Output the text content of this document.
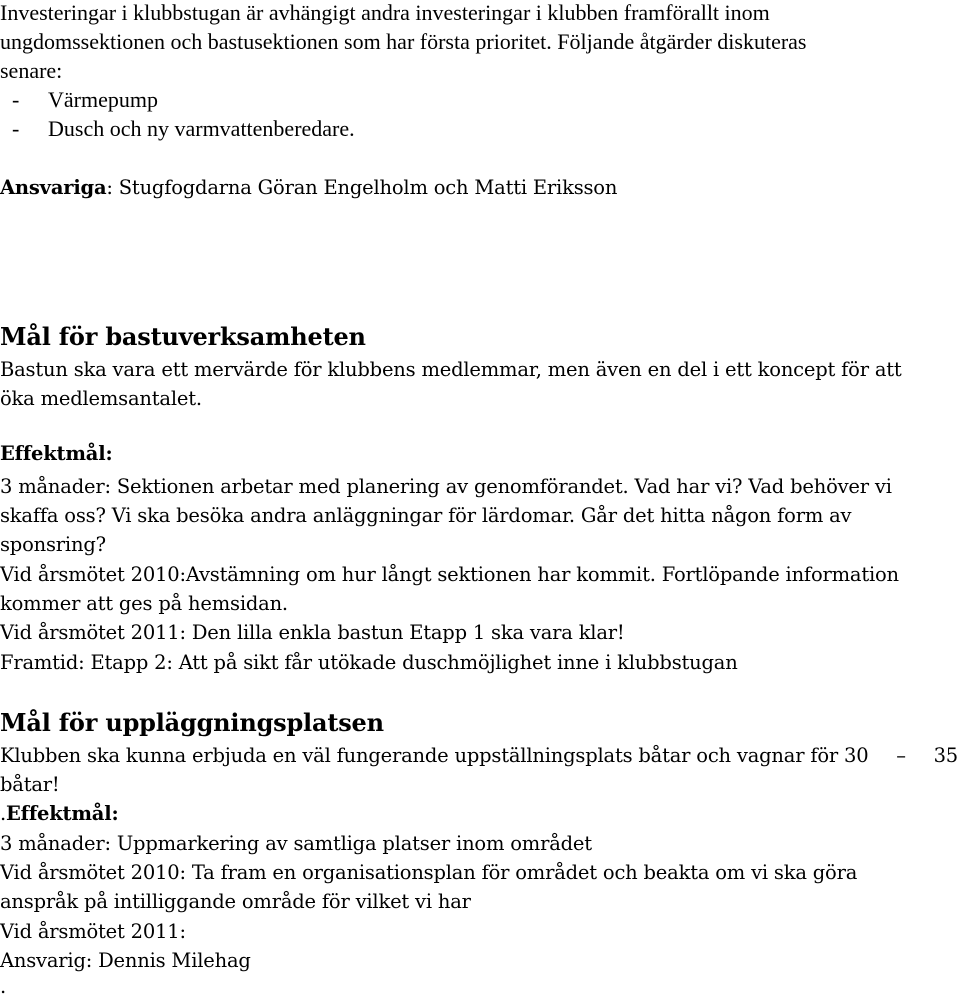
Investeringar i klubbstugan är avhängigt andra investeringar i klubben framförallt inom
ungdomssektionen och bastusektionen som har första prioritet. Följande åtgärder diskuteras
senare:
- Värmepump
- Dusch och ny varmvattenberedare.
Ansvariga: Stugfogdarna Göran Engelholm och Matti Eriksson
Mål för bastuverksamheten
Bastun ska vara ett mervärde för klubbens medlemmar, men även en del i ett koncept för att
öka medlemsantalet.
Effektmål:
3 månader: Sektionen arbetar med planering av genomförandet. Vad har vi? Vad behöver vi
skaffa oss? Vi ska besöka andra anläggningar för lärdomar. Går det hitta någon form av
sponsring?
Vid årsmötet 2010:Avstämning om hur långt sektionen har kommit. Fortlöpande information
kommer att ges på hemsidan.
Vid årsmötet 2011: Den lilla enkla bastun Etapp 1 ska vara klar!
Framtid: Etapp 2: Att på sikt får utökade duschmöjlighet inne i klubbstugan
Mål för uppläggningsplatsen
Klubben ska kunna erbjuda en väl fungerande uppställningsplats båtar och vagnar för 30 – 35
båtar!
.Effektmål:
3 månader: Uppmarkering av samtliga platser inom området
Vid årsmötet 2010: Ta fram en organisationsplan för området och beakta om vi ska göra
anspråk på intilliggande område för vilket vi har
Vid årsmötet 2011:
Ansvarig: Dennis Milehag
.
